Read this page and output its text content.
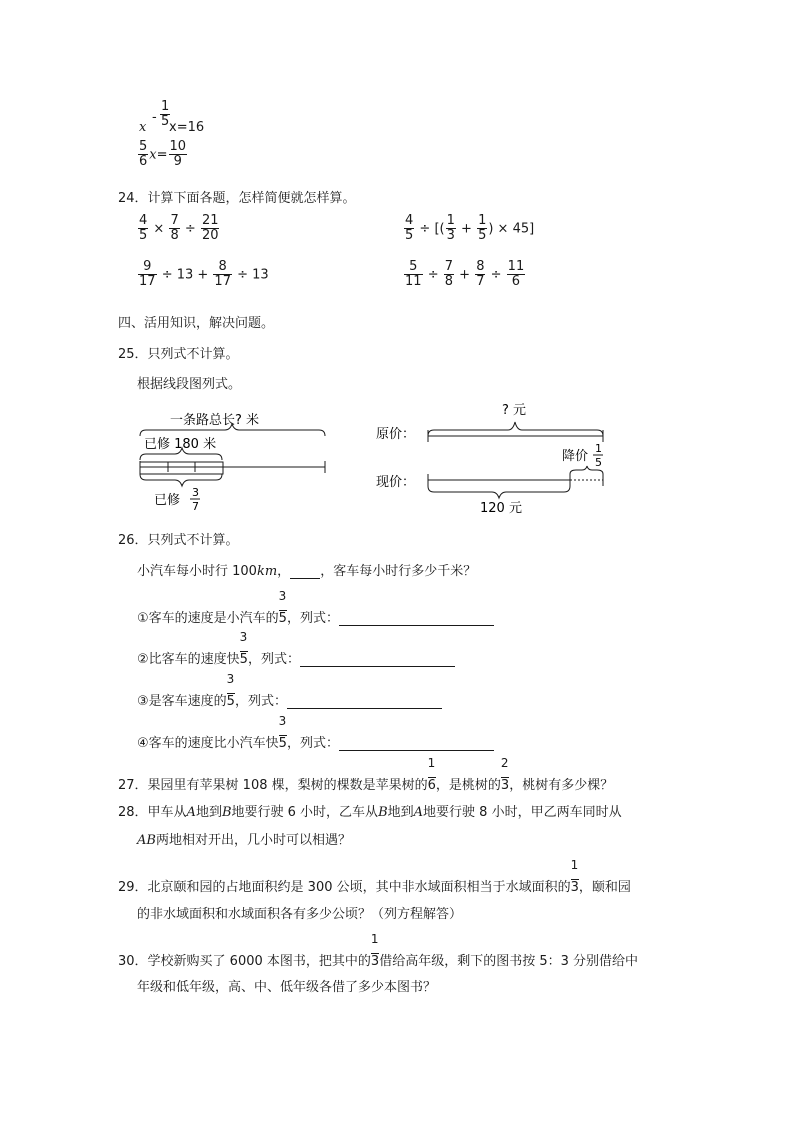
x
-
1
5 x=16
$\frac{5}{6} x= \frac{10}{9}$
24．计算下面各题，怎样简便就怎样算。
$\frac{4}{5} \times \frac{7}{8} \div \frac{21}{20}$	$\frac{4}{5}$ ÷ [( $\frac{1}{3} + \frac{1}{5}$ ) × 45]
$\frac{9}{17} \div 13 + \frac{8}{17} \div 13$	$\frac{5}{11} \div \frac{7}{8} + \frac{8}{7} \div \frac{11}{6}$
四、活用知识，解决问题。
25．只列式不计算。
根据线段图列式。
一条路总长? 米
已修 180 米
已修
3
7
原价：
现价：
? 元
降价
1
5
120 元
26．只列式不计算。
小汽车每小时行 100km， ，客车每小时行多少千米？
①客车的速度是小汽车的 $\frac{3}{5}$，列式：
②比客车的速度快 $\frac{3}{5}$，列式：
③是客车速度的 $\frac{3}{5}$，列式：
④客车的速度比小汽车快 $\frac{3}{5}$，列式：
27．果园里有苹果树 108 棵，梨树的棵数是苹果树的 $\frac{1}{6}$，是桃树的 $\frac{2}{3}$，桃树有多少棵？
28．甲车从A地到B地要行驶 6 小时，乙车从B地到A地要行驶 8 小时，甲乙两车同时从
AB两地相对开出，几小时可以相遇？
29．北京颐和园的占地面积约是 300 公顷，其中非水域面积相当于水域面积的 $\frac{1}{3}$，颐和园
的非水域面积和水域面积各有多少公顷？（列方程解答）
30．学校新购买了 6000 本图书，把其中的 $\frac{1}{3}$借给高年级，剩下的图书按 5：3 分别借给中
年级和低年级，高、中、低年级各借了多少本图书？
